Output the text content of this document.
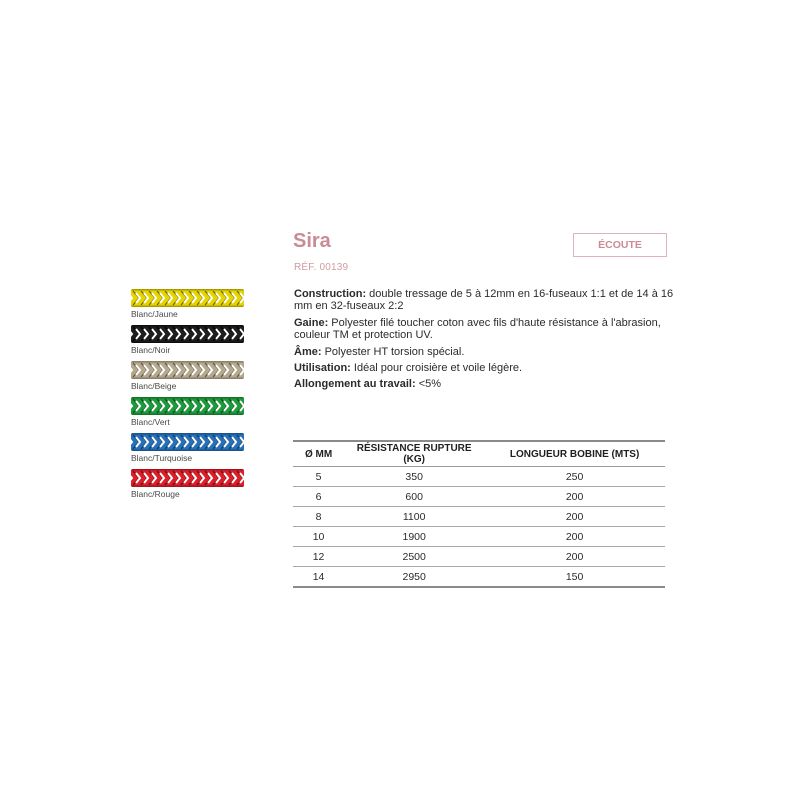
Blanc/Jaune
Blanc/Noir
Blanc/Beige
Blanc/Vert
Blanc/Turquoise
Blanc/Rouge
Sira
RÉF. 00139
ÉCOUTE

Construction: double tressage de 5 à 12mm en 16-fuseaux 1:1 et de 14 à 16 mm en 32-fuseaux 2:2

Gaine: Polyester filé toucher coton avec fils d'haute résistance à l'abrasion, couleur TM et protection UV.

Âme: Polyester HT torsion spécial.

Utilisation: Idéal pour croisière et voile légère.

Allongement au travail: <5%

Ø MM	RÉSISTANCE RUPTURE (KG)	LONGUEUR BOBINE (MTS)
5	350	250
6	600	200
8	1100	200
10	1900	200
12	2500	200
14	2950	150
